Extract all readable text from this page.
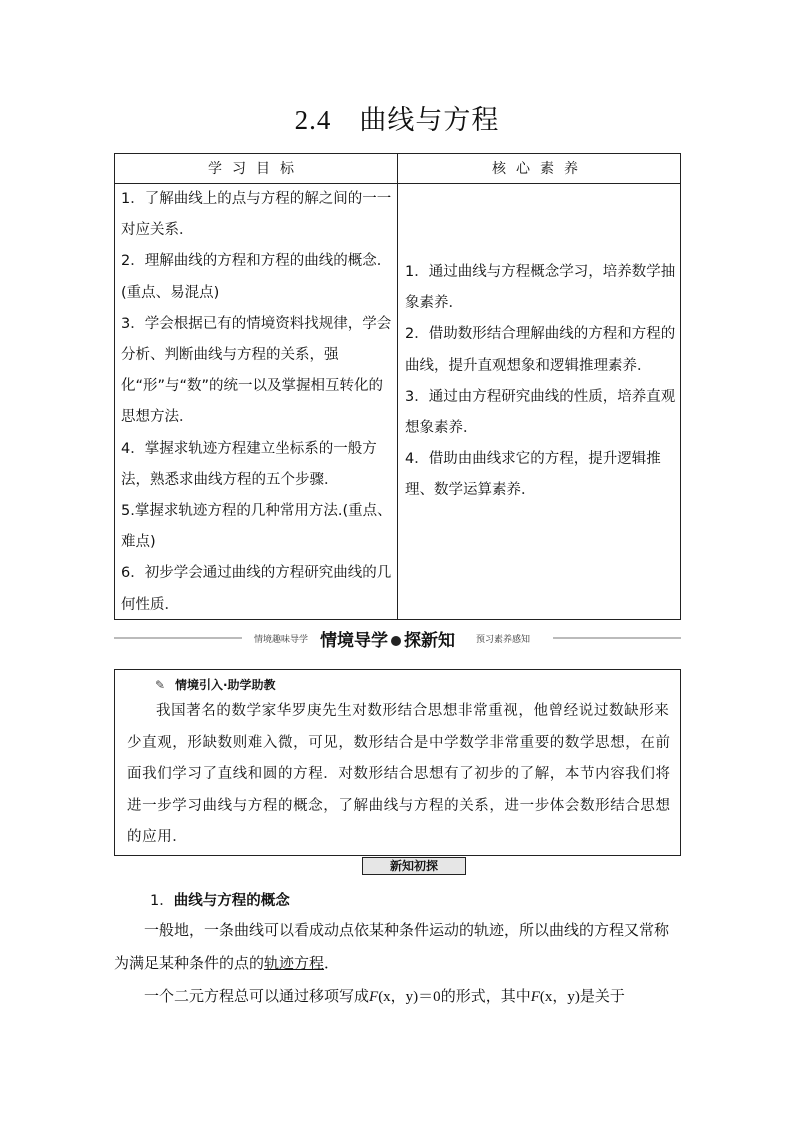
2.4 曲线与方程
学习目标	核心素养

1．了解曲线上的点与方程的解之间的一一对应关系．

2．理解曲线的方程和方程的曲线的概念．(重点、易混点)

3．学会根据已有的情境资料找规律，学会分析、判断曲线与方程的关系，强化“形”与“数”的统一以及掌握相互转化的思想方法．

4．掌握求轨迹方程建立坐标系的一般方法，熟悉求曲线方程的五个步骤．

5.掌握求轨迹方程的几种常用方法.(重点、难点)

6．初步学会通过曲线的方程研究曲线的几何性质．

1．通过曲线与方程概念学习，培养数学抽象素养．

2．借助数形结合理解曲线的方程和方程的曲线，提升直观想象和逻辑推理素养．

3．通过由方程研究曲线的性质，培养直观想象素养．

4．借助由曲线求它的方程，提升逻辑推理、数学运算素养．

情境趣味导学 情境导学 探新知 预习素养感知
✎ 情境引入·助学助教
我国著名的数学家华罗庚先生对数形结合思想非常重视，他曾经说过数缺形来少直观，形缺数则难入微，可见，数形结合是中学数学非常重要的数学思想，在前面我们学习了直线和圆的方程．对数形结合思想有了初步的了解，本节内容我们将进一步学习曲线与方程的概念，了解曲线与方程的关系，进一步体会数形结合思想的应用．
新知初探
1．曲线与方程的概念

一般地，一条曲线可以看成动点依某种条件运动的轨迹，所以曲线的方程又常称为满足某种条件的点的轨迹方程．

一个二元方程总可以通过移项写成F(x，y)＝0的形式，其中F(x，y)是关于
